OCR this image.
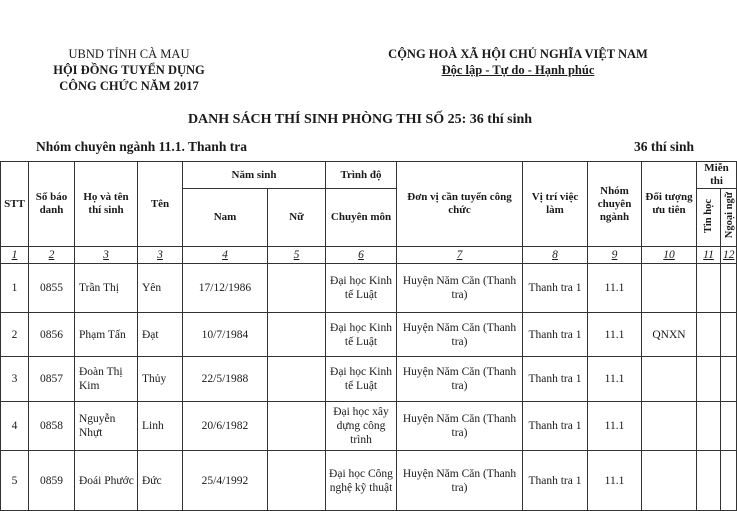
UBND TỈNH CÀ MAU
HỘI ĐỒNG TUYỂN DỤNG
CÔNG CHỨC NĂM 2017
CỘNG HOÀ XÃ HỘI CHỦ NGHĨA VIỆT NAM
Độc lập - Tự do - Hạnh phúc
DANH SÁCH THÍ SINH PHÒNG THI SỐ 25: 36 thí sinh
Nhóm chuyên ngành 11.1. Thanh tra	36 thí sinh
STT	Số báo danh	Họ và tên thí sinh	Tên	Năm sinh		Trình độ	Đơn vị cần tuyển công chức	Vị trí việc làm	Nhóm chuyên ngành	Đối tượng ưu tiên	Miễn thi	
				Nam	Nữ	Chuyên môn					Tin học	Ngoại ngữ
1	2	3	3	4	5	6	7	8	9	10	11	12
1	0855	Trần Thị	Yên	17/12/1986		Đại học Kinh tế Luật	Huyện Năm Căn (Thanh tra)	Thanh tra 1	11.1			
2	0856	Phạm Tấn	Đạt	10/7/1984		Đại học Kinh tế Luật	Huyện Năm Căn (Thanh tra)	Thanh tra 1	11.1	QNXN		
3	0857	Đoàn Thị Kim	Thủy	22/5/1988		Đại học Kinh tế Luật	Huyện Năm Căn (Thanh tra)	Thanh tra 1	11.1			
4	0858	Nguyễn Nhựt	Linh	20/6/1982		Đại học xây dựng công trình	Huyện Năm Căn (Thanh tra)	Thanh tra 1	11.1			
5	0859	Đoái Phước	Đức	25/4/1992		Đại học Công nghệ kỹ thuật	Huyện Năm Căn (Thanh tra)	Thanh tra 1	11.1			
